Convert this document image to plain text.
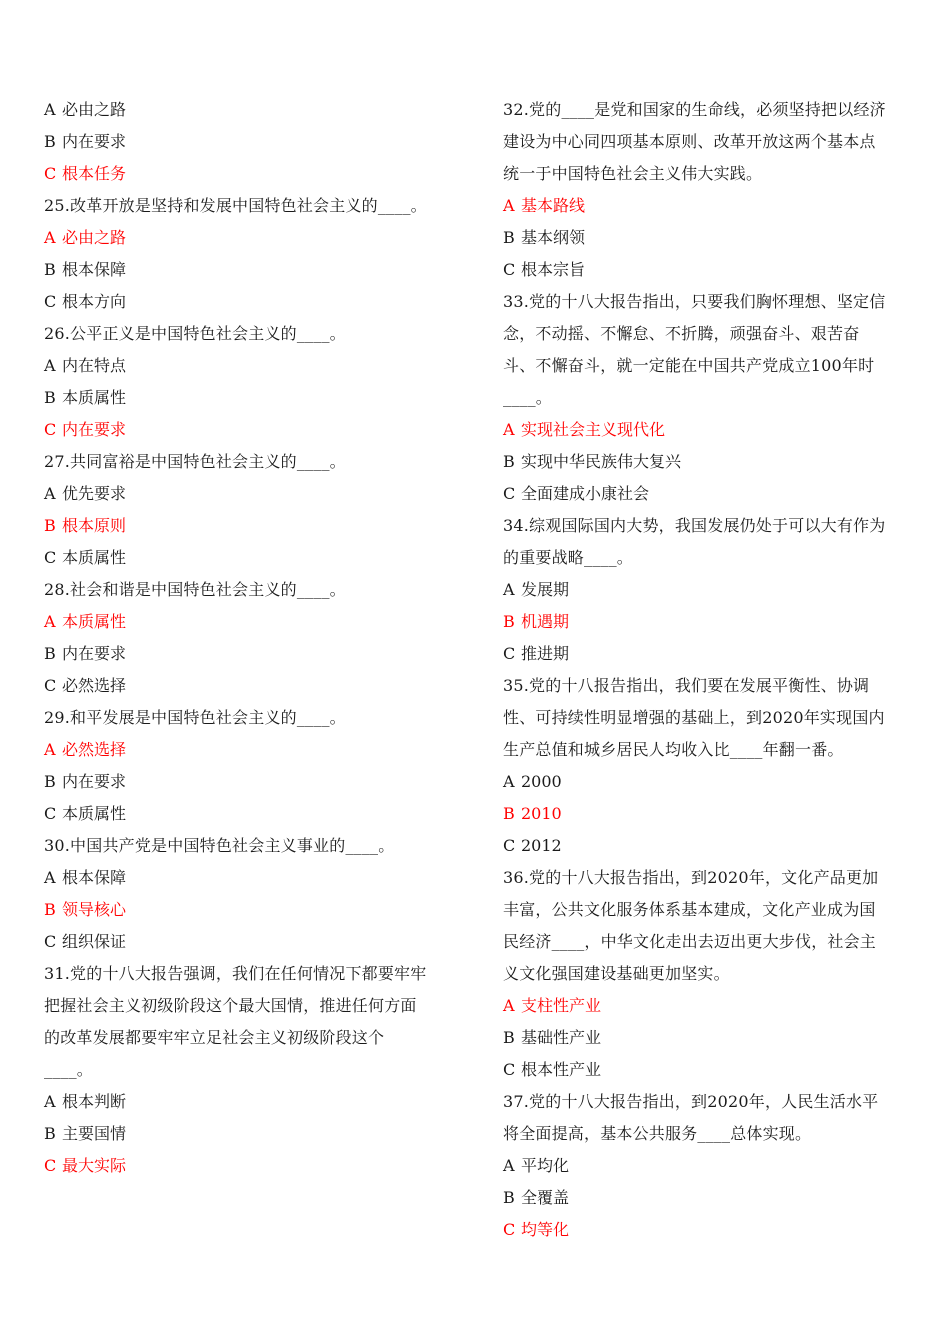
A 必由之路
B 内在要求
C 根本任务
25.改革开放是坚持和发展中国特色社会主义的____。
A 必由之路
B 根本保障
C 根本方向
26.公平正义是中国特色社会主义的____。
A 内在特点
B 本质属性
C 内在要求
27.共同富裕是中国特色社会主义的____。
A 优先要求
B 根本原则
C 本质属性
28.社会和谐是中国特色社会主义的____。
A 本质属性
B 内在要求
C 必然选择
29.和平发展是中国特色社会主义的____。
A 必然选择
B 内在要求
C 本质属性
30.中国共产党是中国特色社会主义事业的____。
A 根本保障
B 领导核心
C 组织保证
31.党的十八大报告强调，我们在任何情况下都要牢牢
把握社会主义初级阶段这个最大国情，推进任何方面
的改革发展都要牢牢立足社会主义初级阶段这个
____。
A 根本判断
B 主要国情
C 最大实际
32.党的____是党和国家的生命线，必须坚持把以经济
建设为中心同四项基本原则、改革开放这两个基本点
统一于中国特色社会主义伟大实践。
A 基本路线
B 基本纲领
C 根本宗旨
33.党的十八大报告指出，只要我们胸怀理想、坚定信
念，不动摇、不懈怠、不折腾，顽强奋斗、艰苦奋
斗、不懈奋斗，就一定能在中国共产党成立100年时
____。
A 实现社会主义现代化
B 实现中华民族伟大复兴
C 全面建成小康社会
34.综观国际国内大势，我国发展仍处于可以大有作为
的重要战略____。
A 发展期
B 机遇期
C 推进期
35.党的十八报告指出，我们要在发展平衡性、协调
性、可持续性明显增强的基础上，到2020年实现国内
生产总值和城乡居民人均收入比____年翻一番。
A 2000
B 2010
C 2012
36.党的十八大报告指出，到2020年，文化产品更加
丰富，公共文化服务体系基本建成，文化产业成为国
民经济____，中华文化走出去迈出更大步伐，社会主
义文化强国建设基础更加坚实。
A 支柱性产业
B 基础性产业
C 根本性产业
37.党的十八大报告指出，到2020年，人民生活水平
将全面提高，基本公共服务____总体实现。
A 平均化
B 全覆盖
C 均等化
